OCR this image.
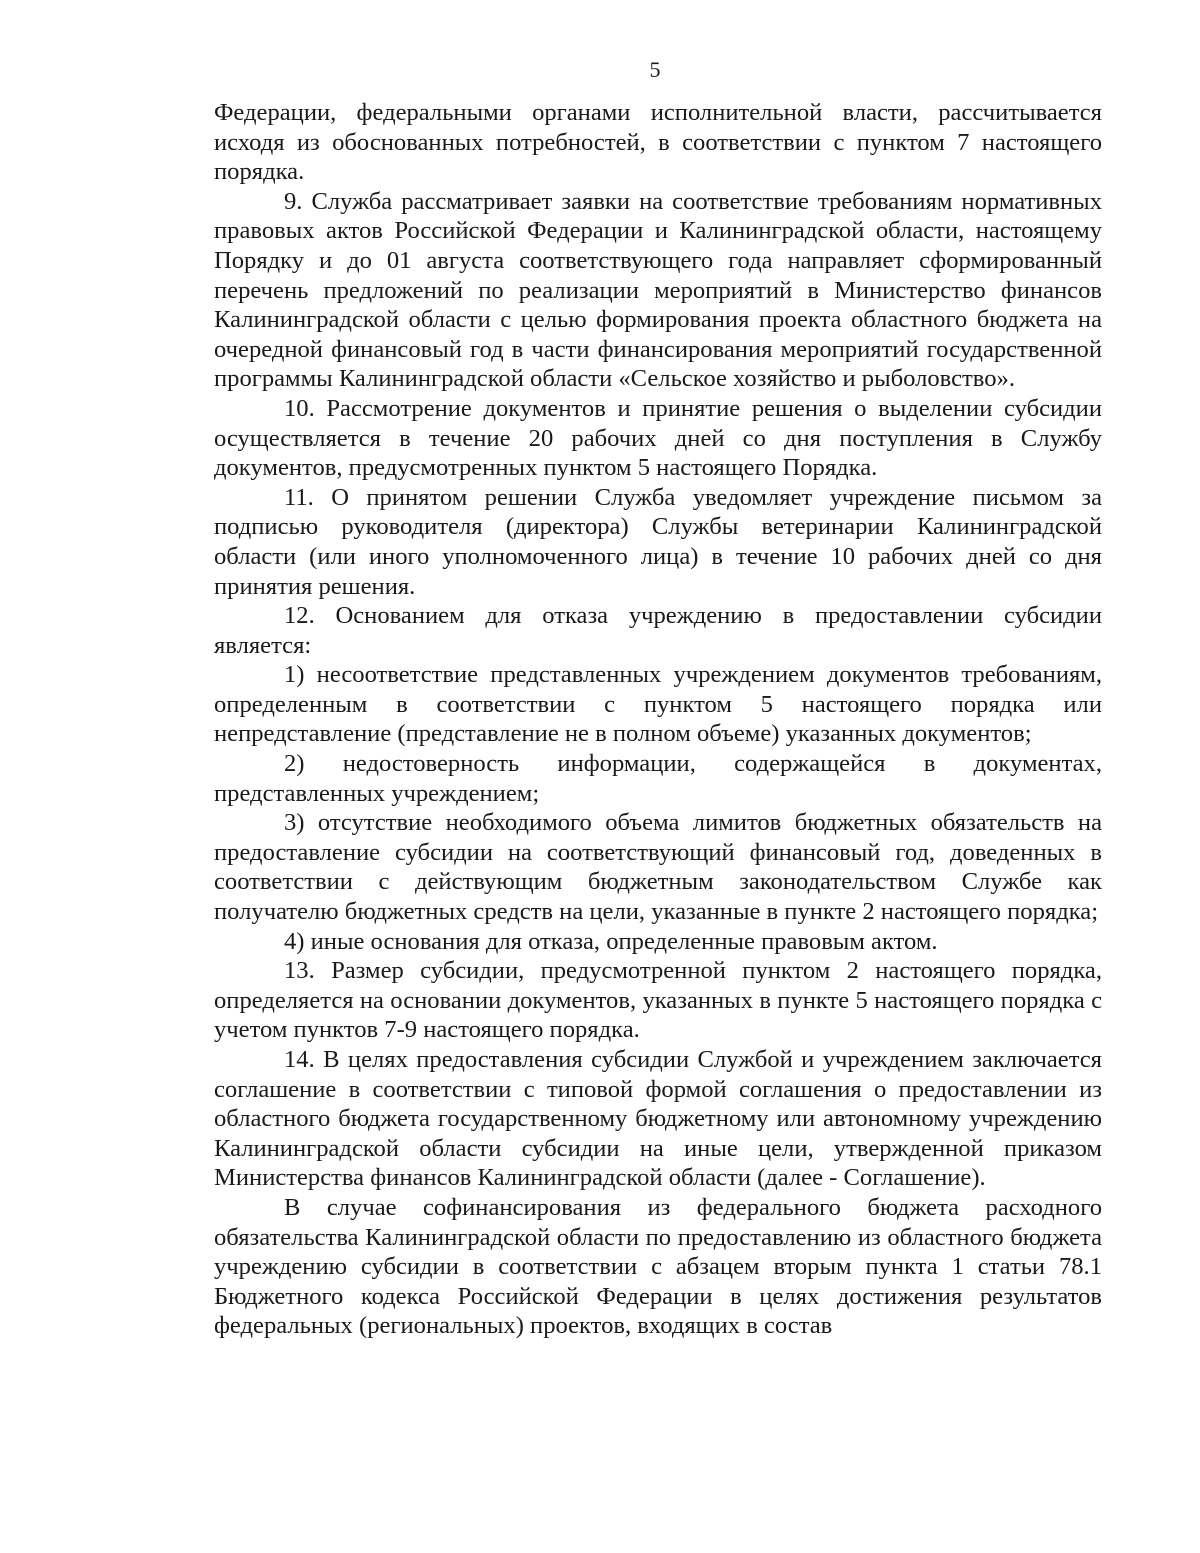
5

Федерации, федеральными органами исполнительной власти, рассчитывается исходя из обоснованных потребностей, в соответствии с пунктом 7 настоящего порядка.

9. Служба рассматривает заявки на соответствие требованиям нормативных правовых актов Российской Федерации и Калининградской области, настоящему Порядку и до 01 августа соответствующего года направляет сформированный перечень предложений по реализации мероприятий в Министерство финансов Калининградской области с целью формирования проекта областного бюджета на очередной финансовый год в части финансирования мероприятий государственной программы Калининградской области «Сельское хозяйство и рыболовство».

10. Рассмотрение документов и принятие решения о выделении субсидии осуществляется в течение 20 рабочих дней со дня поступления в Службу документов, предусмотренных пунктом 5 настоящего Порядка.

11. О принятом решении Служба уведомляет учреждение письмом за подписью руководителя (директора) Службы ветеринарии Калининградской области (или иного уполномоченного лица) в течение 10 рабочих дней со дня принятия решения.

12. Основанием для отказа учреждению в предоставлении субсидии является:

1) несоответствие представленных учреждением документов требованиям, определенным в соответствии с пунктом 5 настоящего порядка или непредставление (представление не в полном объеме) указанных документов;

2) недостоверность информации, содержащейся в документах, представленных учреждением;

3) отсутствие необходимого объема лимитов бюджетных обязательств на предоставление субсидии на соответствующий финансовый год, доведенных в соответствии с действующим бюджетным законодательством Службе как получателю бюджетных средств на цели, указанные в пункте 2 настоящего порядка;

4) иные основания для отказа, определенные правовым актом.

13. Размер субсидии, предусмотренной пунктом 2 настоящего порядка, определяется на основании документов, указанных в пункте 5 настоящего порядка с учетом пунктов 7-9 настоящего порядка.

14. В целях предоставления субсидии Службой и учреждением заключается соглашение в соответствии с типовой формой соглашения о предоставлении из областного бюджета государственному бюджетному или автономному учреждению Калининградской области субсидии на иные цели, утвержденной приказом Министерства финансов Калининградской области (далее - Соглашение).

В случае софинансирования из федерального бюджета расходного обязательства Калининградской области по предоставлению из областного бюджета учреждению субсидии в соответствии с абзацем вторым пункта 1 статьи 78.1 Бюджетного кодекса Российской Федерации в целях достижения результатов федеральных (региональных) проектов, входящих в состав
